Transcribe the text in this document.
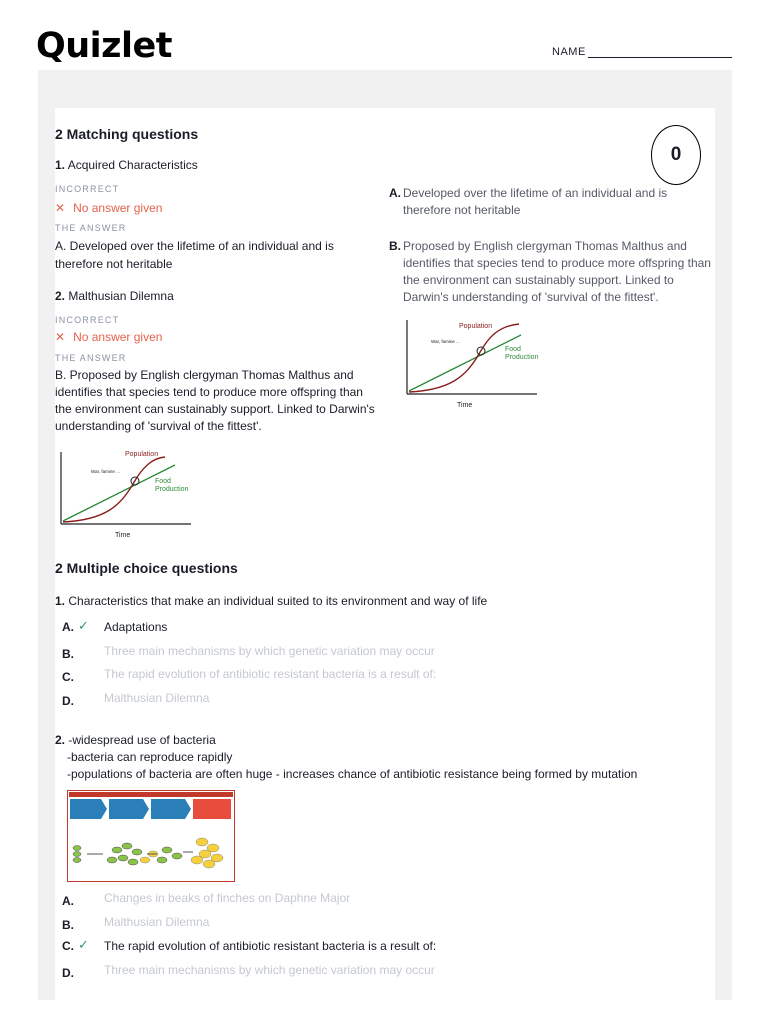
Quizlet	NAME
0
2 Matching questions
1. Acquired Characteristics
INCORRECT
✕ No answer given
THE ANSWER
A. Developed over the lifetime of an individual and is
therefore not heritable
2. Malthusian Dilemna
INCORRECT
✕ No answer given
THE ANSWER
B. Proposed by English clergyman Thomas Malthus and
identifies that species tend to produce more offspring than
the environment can sustainably support. Linked to Darwin's
understanding of 'survival of the fittest'.
Population
War, famine ...
Food
Production
Time
A. Developed over the lifetime of an individual and is
therefore not heritable
B. Proposed by English clergyman Thomas Malthus and
identifies that species tend to produce more offspring than
the environment can sustainably support. Linked to
Darwin's understanding of 'survival of the fittest'.
Population
War, famine ...
Food
Production
Time
2 Multiple choice questions
1. Characteristics that make an individual suited to its environment and way of life
A. ✓ Adaptations
B.	Three main mechanisms by which genetic variation may occur
C.	The rapid evolution of antibiotic resistant bacteria is a result of:
D.	Malthusian Dilemna
2. -widespread use of bacteria
-bacteria can reproduce rapidly
-populations of bacteria are often huge - increases chance of antibiotic resistance being formed by mutation
A.	Changes in beaks of finches on Daphne Major
B.	Malthusian Dilemna
C. ✓ The rapid evolution of antibiotic resistant bacteria is a result of:
D.	Three main mechanisms by which genetic variation may occur
